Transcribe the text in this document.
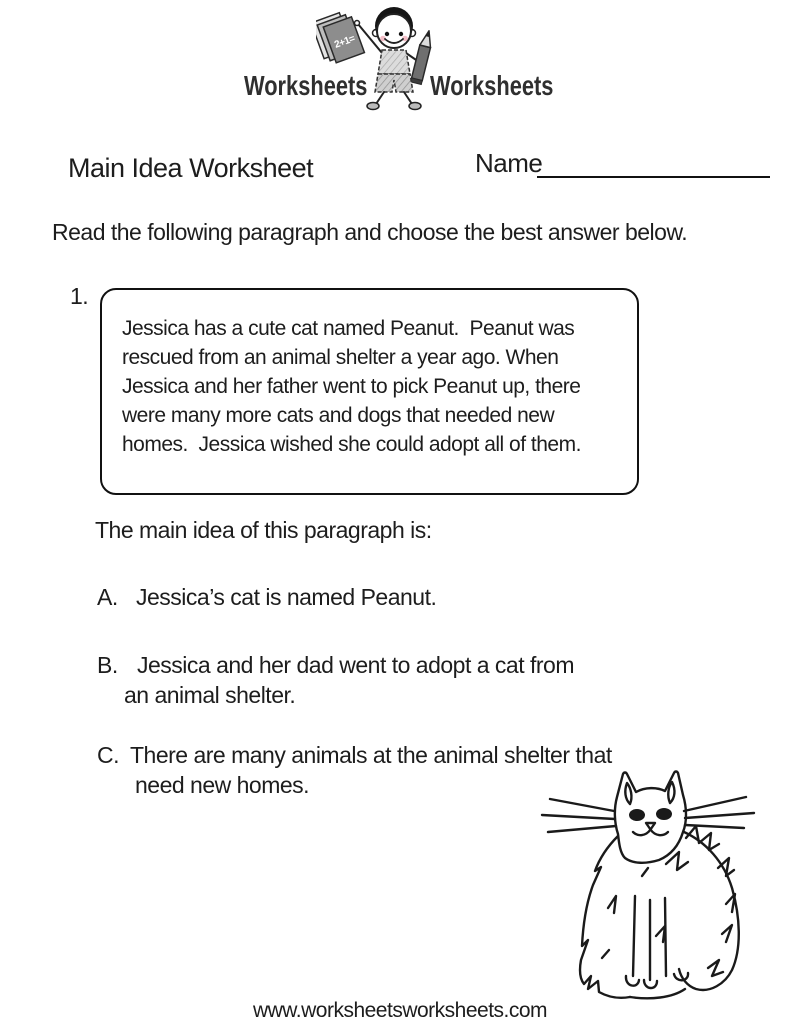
Worksheets Worksheets
2+1=
Main Idea Worksheet	Name
Read the following paragraph and choose the best answer below.
1.
Jessica has a cute cat named Peanut.  Peanut was
rescued from an animal shelter a year ago. When
Jessica and her father went to pick Peanut up, there
were many more cats and dogs that needed new
homes.  Jessica wished she could adopt all of them.
The main idea of this paragraph is:
A. Jessica’s cat is named Peanut.
B. Jessica and her dad went to adopt a cat from
an animal shelter.
C. There are many animals at the animal shelter that
need new homes.
www.worksheetsworksheets.com
